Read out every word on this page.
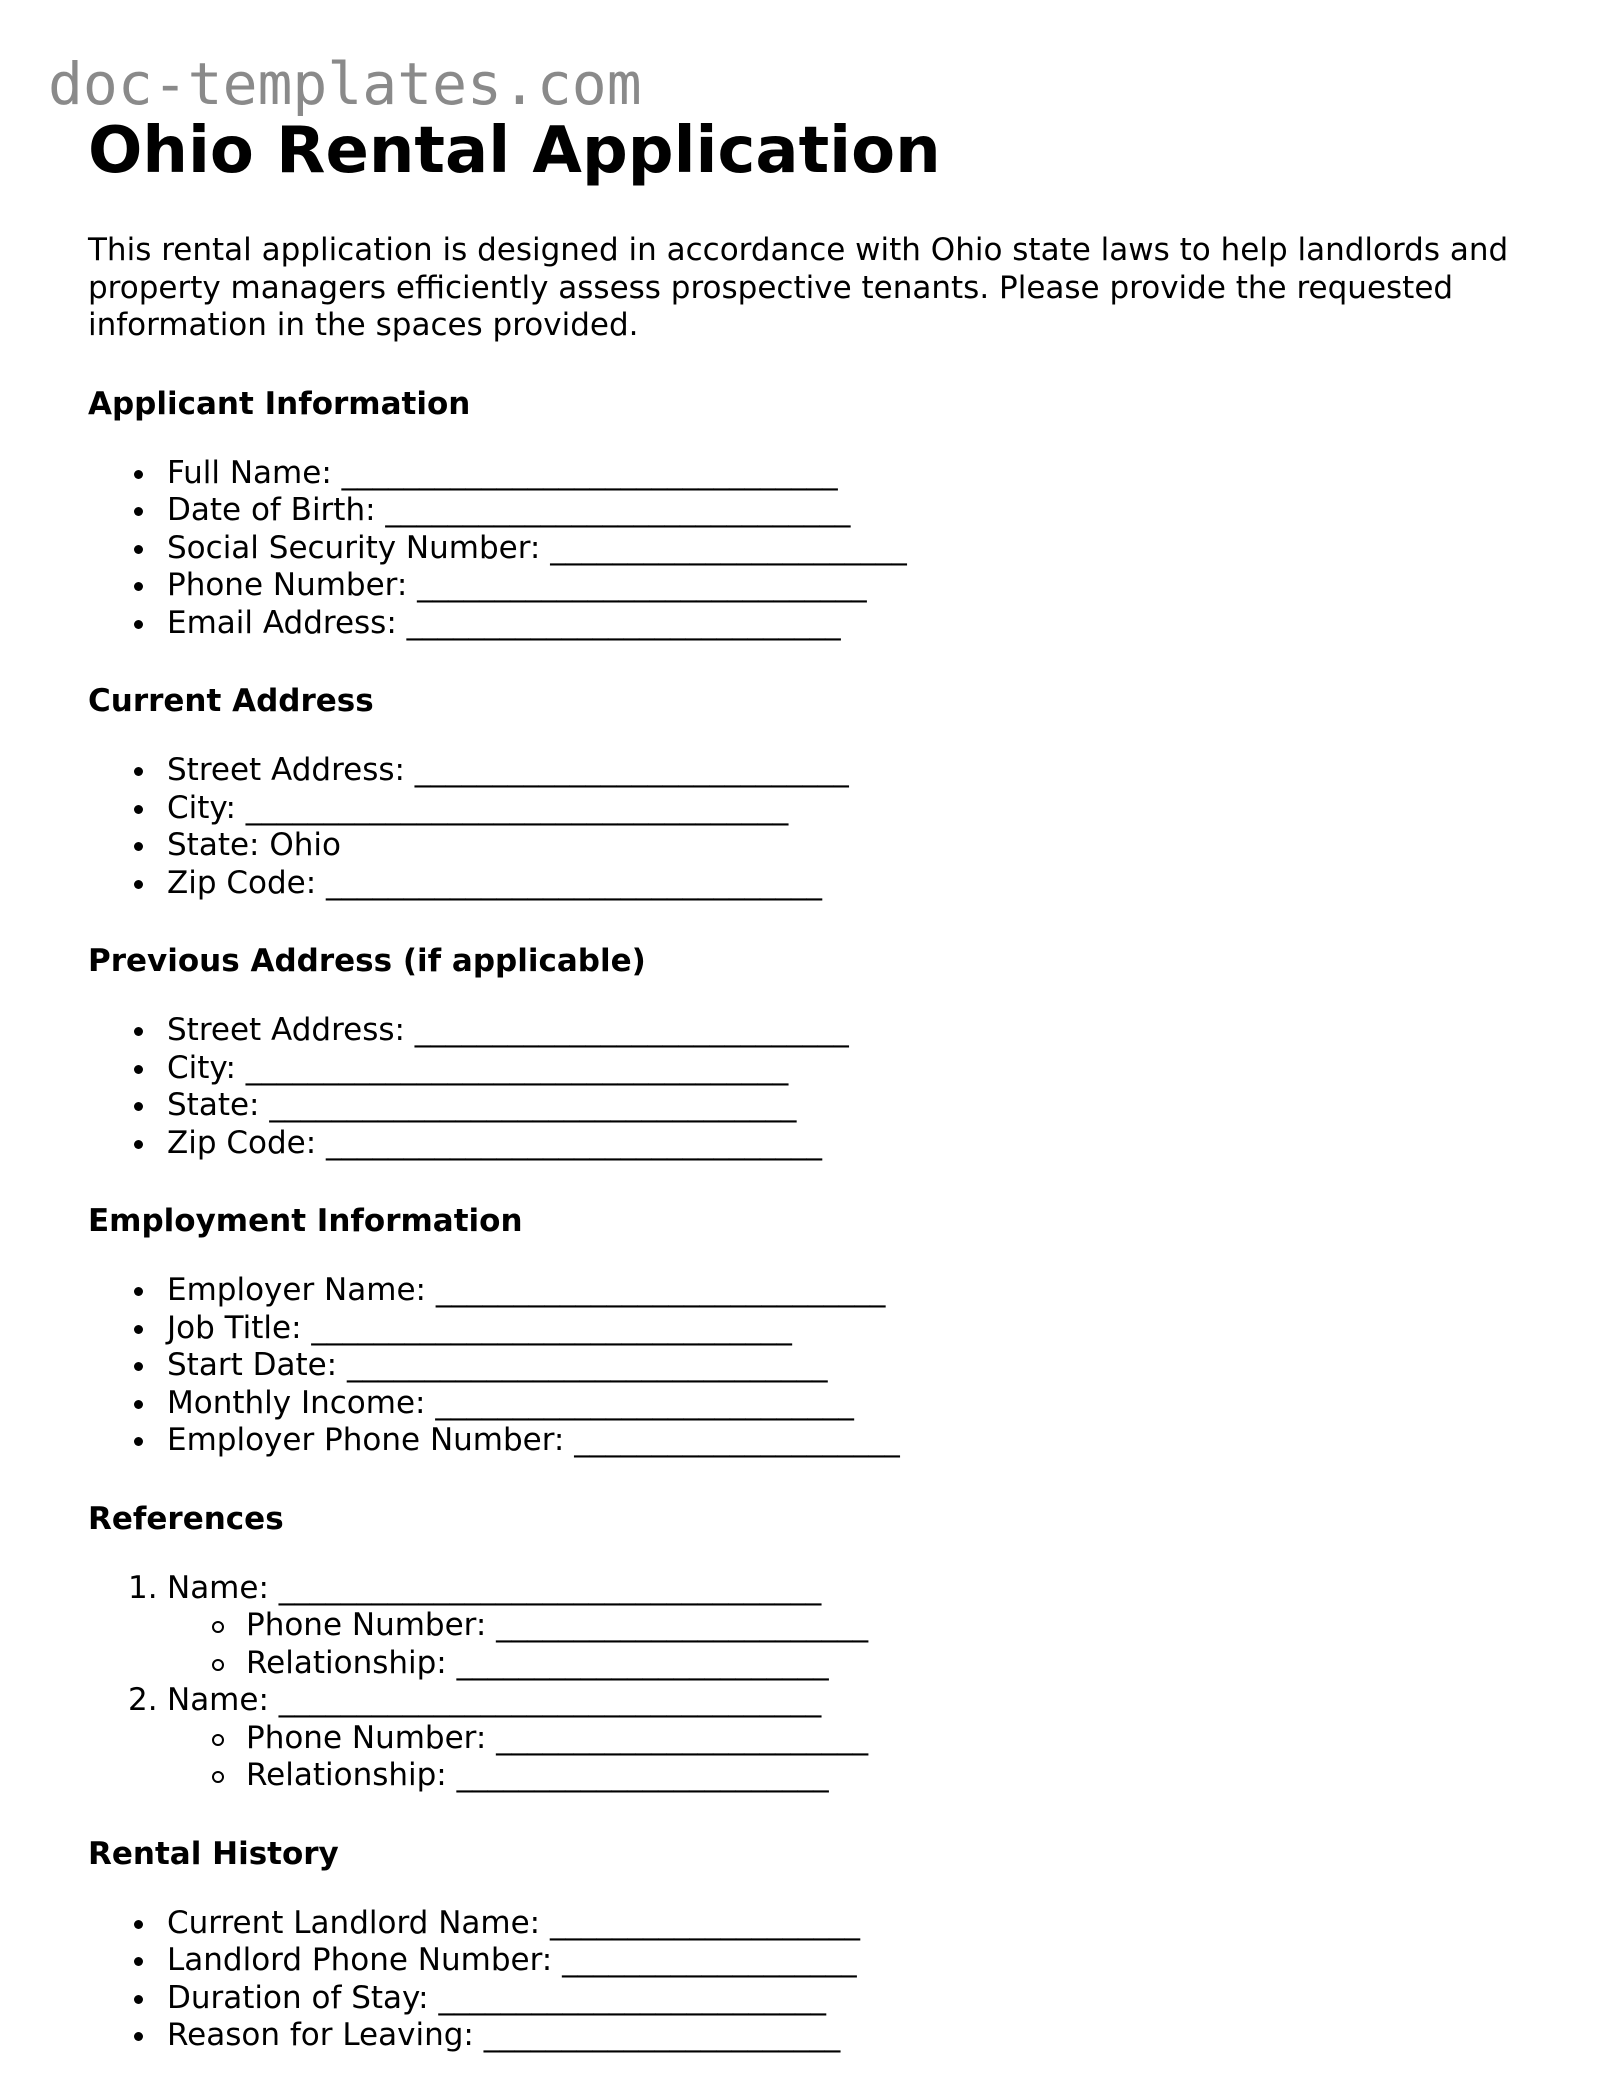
doc-templates.com
Ohio Rental Application

This rental application is designed in accordance with Ohio state laws to help landlords and property managers efficiently assess prospective tenants. Please provide the requested information in the spaces provided.

Applicant Information
Full Name: ________________________________
Date of Birth: ______________________________
Social Security Number: _______________________
Phone Number: _____________________________
Email Address: ____________________________
Current Address
Street Address: ____________________________
City: ___________________________________
State: Ohio
Zip Code: ________________________________
Previous Address (if applicable)
Street Address: ____________________________
City: ___________________________________
State: __________________________________
Zip Code: ________________________________
Employment Information
Employer Name: _____________________________
Job Title: _______________________________
Start Date: _______________________________
Monthly Income: ___________________________
Employer Phone Number: _____________________
References
1. Name: ___________________________________
Phone Number: ________________________
Relationship: ________________________
2. Name: ___________________________________
Phone Number: ________________________
Relationship: ________________________
Rental History
Current Landlord Name: ____________________
Landlord Phone Number: ___________________
Duration of Stay: _________________________
Reason for Leaving: _______________________
